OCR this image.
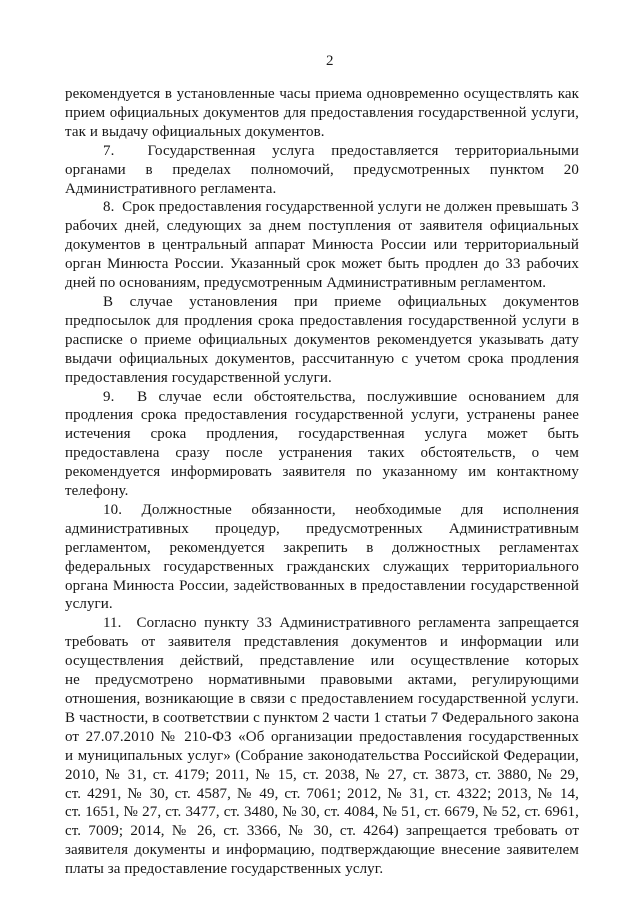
2

рекомендуется в установленные часы приема одновременно осуществлять как прием официальных документов для предоставления государственной услуги, так и выдачу официальных документов.

7.  Государственная услуга предоставляется территориальными органами в пределах полномочий, предусмотренных пунктом 20 Административного регламента.

8.  Срок предоставления государственной услуги не должен превышать 3 рабочих дней, следующих за днем поступления от заявителя официальных документов в центральный аппарат Минюста России или территориальный орган Минюста России. Указанный срок может быть продлен до 33 рабочих дней по основаниям, предусмотренным Административным регламентом.

В случае установления при приеме официальных документов предпосылок для продления срока предоставления государственной услуги в расписке о приеме официальных документов рекомендуется указывать дату выдачи официальных документов, рассчитанную с учетом срока продления предоставления государственной услуги.

9.  В случае если обстоятельства, послужившие основанием для продления срока предоставления государственной услуги, устранены ранее истечения срока продления, государственная услуга может быть предоставлена сразу после устранения таких обстоятельств, о чем рекомендуется информировать заявителя по указанному им контактному телефону.

10. Должностные обязанности, необходимые для исполнения административных процедур, предусмотренных Административным регламентом, рекомендуется закрепить в должностных регламентах федеральных государственных гражданских служащих территориального органа Минюста России, задействованных в предоставлении государственной услуги.

11.  Согласно пункту 33 Административного регламента запрещается требовать от заявителя представления документов и информации или осуществления действий, представление или осуществление которых не предусмотрено нормативными правовыми актами, регулирующими отношения, возникающие в связи с предоставлением государственной услуги. В частности, в соответствии с пунктом 2 части 1 статьи 7 Федерального закона от 27.07.2010 № 210-ФЗ «Об организации предоставления государственных и муниципальных услуг» (Собрание законодательства Российской Федерации, 2010, № 31, ст. 4179; 2011, № 15, ст. 2038, № 27, ст. 3873, ст. 3880, № 29, ст. 4291, № 30, ст. 4587, № 49, ст. 7061; 2012, № 31, ст. 4322; 2013, № 14, ст. 1651, № 27, ст. 3477, ст. 3480, № 30, ст. 4084, № 51, ст. 6679, № 52, ст. 6961, ст. 7009; 2014, № 26, ст. 3366, № 30, ст. 4264) запрещается требовать от заявителя документы и информацию, подтверждающие внесение заявителем платы за предоставление государственных услуг.
